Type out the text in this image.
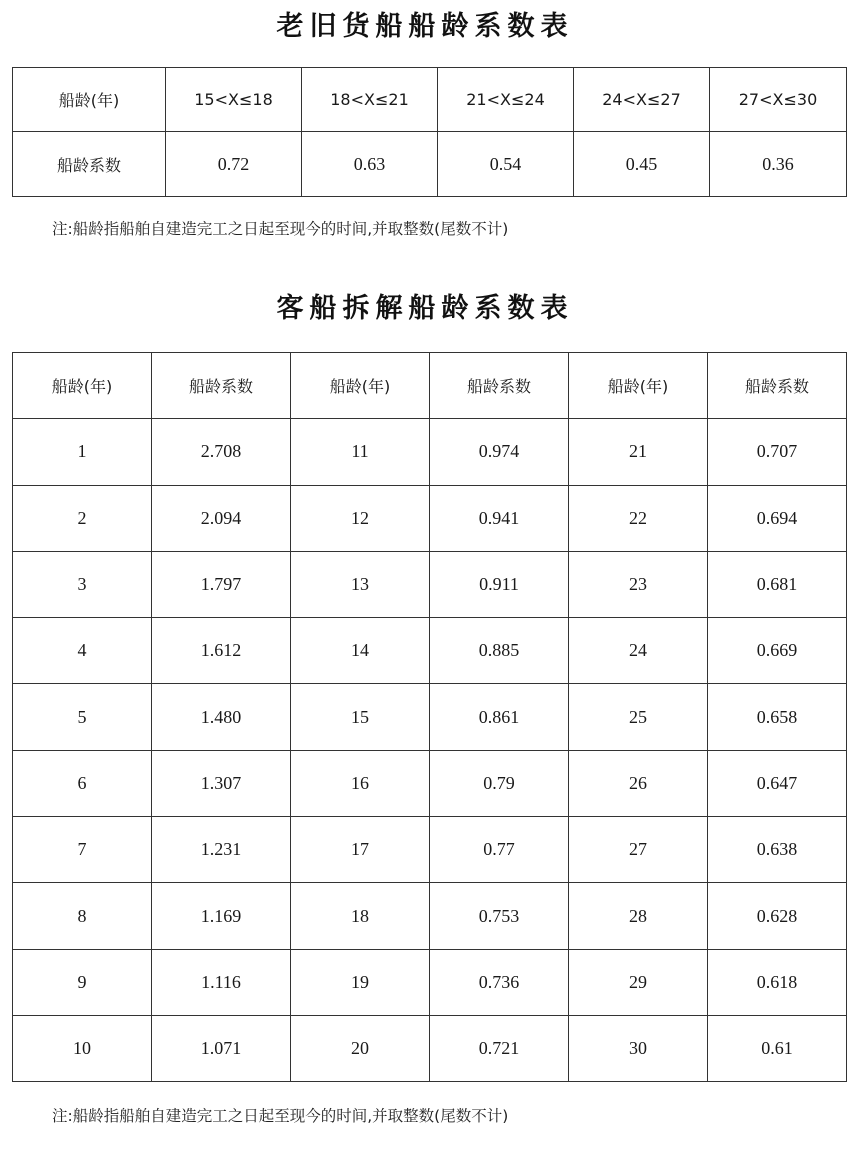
老旧货船船龄系数表
船龄(年)	15<X≤18	18<X≤21	21<X≤24	24<X≤27	27<X≤30
船龄系数	0.72	0.63	0.54	0.45	0.36
注:船龄指船舶自建造完工之日起至现今的时间,并取整数(尾数不计)
客船拆解船龄系数表
船龄(年)	船龄系数	船龄(年)	船龄系数	船龄(年)	船龄系数
1	2.708	11	0.974	21	0.707
2	2.094	12	0.941	22	0.694
3	1.797	13	0.911	23	0.681
4	1.612	14	0.885	24	0.669
5	1.480	15	0.861	25	0.658
6	1.307	16	0.79	26	0.647
7	1.231	17	0.77	27	0.638
8	1.169	18	0.753	28	0.628
9	1.116	19	0.736	29	0.618
10	1.071	20	0.721	30	0.61
注:船龄指船舶自建造完工之日起至现今的时间,并取整数(尾数不计)
